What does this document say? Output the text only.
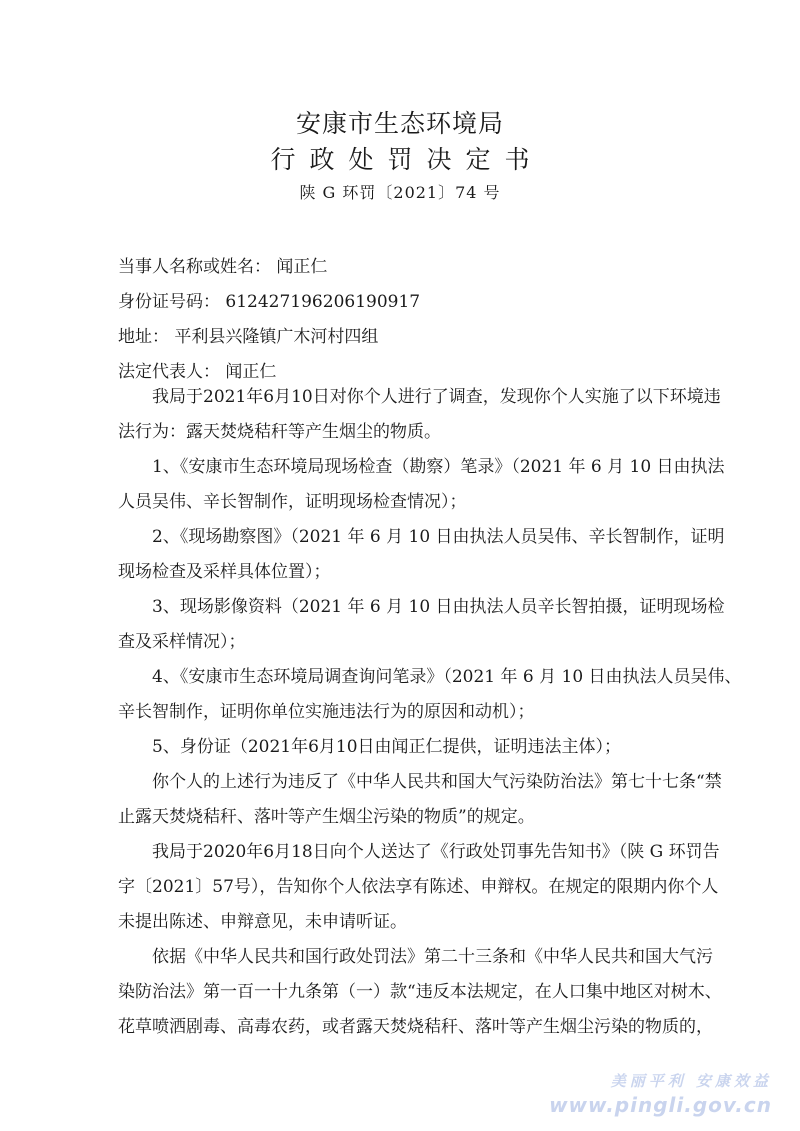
安康市生态环境局
行政处罚决定书
陕 G 环罚〔2021〕74 号
当事人名称或姓名： 闻正仁
身份证号码： 612427196206190917
地址： 平利县兴隆镇广木河村四组
法定代表人： 闻正仁
我局于2021年6月10日对你个人进行了调查，发现你个人实施了以下环境违
法行为：露天焚烧秸秆等产生烟尘的物质。
1、《安康市生态环境局现场检查（勘察）笔录》（2021 年 6 月 10 日由执法
人员吴伟、辛长智制作，证明现场检查情况）；
2、《现场勘察图》（2021 年 6 月 10 日由执法人员吴伟、辛长智制作，证明
现场检查及采样具体位置）；
3、现场影像资料（2021 年 6 月 10 日由执法人员辛长智拍摄，证明现场检
查及采样情况）；
4、《安康市生态环境局调查询问笔录》（2021 年 6 月 10 日由执法人员吴伟、
辛长智制作，证明你单位实施违法行为的原因和动机）；
5、身份证（2021年6月10日由闻正仁提供，证明违法主体）；
你个人的上述行为违反了《中华人民共和国大气污染防治法》第七十七条“禁
止露天焚烧秸秆、落叶等产生烟尘污染的物质”的规定。
我局于2020年6月18日向个人送达了《行政处罚事先告知书》（陕 G 环罚告
字〔2021〕57号），告知你个人依法享有陈述、申辩权。在规定的限期内你个人
未提出陈述、申辩意见，未申请听证。
依据《中华人民共和国行政处罚法》第二十三条和《中华人民共和国大气污
染防治法》第一百一十九条第（一）款“违反本法规定，在人口集中地区对树木、
花草喷洒剧毒、高毒农药，或者露天焚烧秸秆、落叶等产生烟尘污染的物质的，
美丽平利 安康效益
www.pingli.gov.cn
